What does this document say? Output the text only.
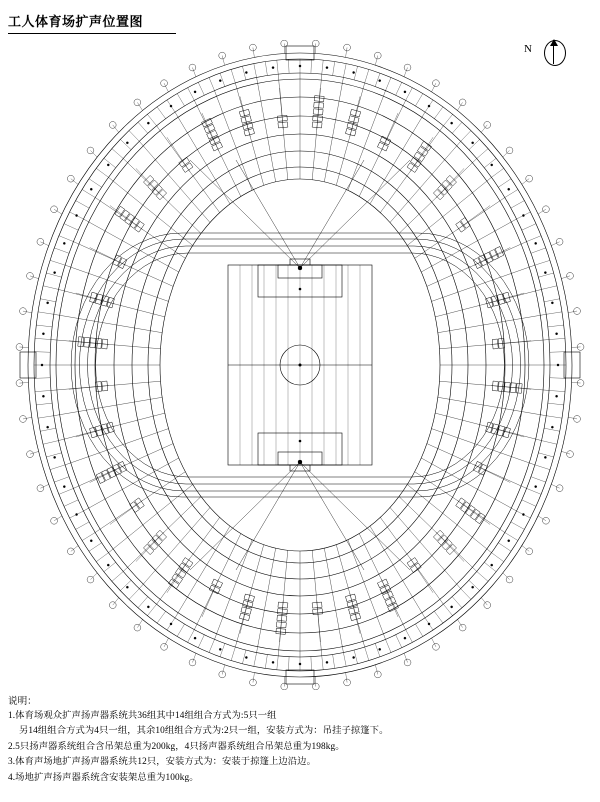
工人体育场扩声位置图
N
说明：
1.体育场观众扩声扬声器系统共36组其中14组组合方式为:5只一组
另14组组合方式为4只一组，其余10组组合方式为:2只一组，安装方式为：吊挂子掠篷下。
2.5只扬声器系统组合含吊架总重为200kg，4只扬声器系统组合吊架总重为198kg。
3.体育声场地扩声扬声器系统共12只，安装方式为：安装于掠篷上边沿边。
4.场地扩声扬声器系统含安装架总重为100kg。
